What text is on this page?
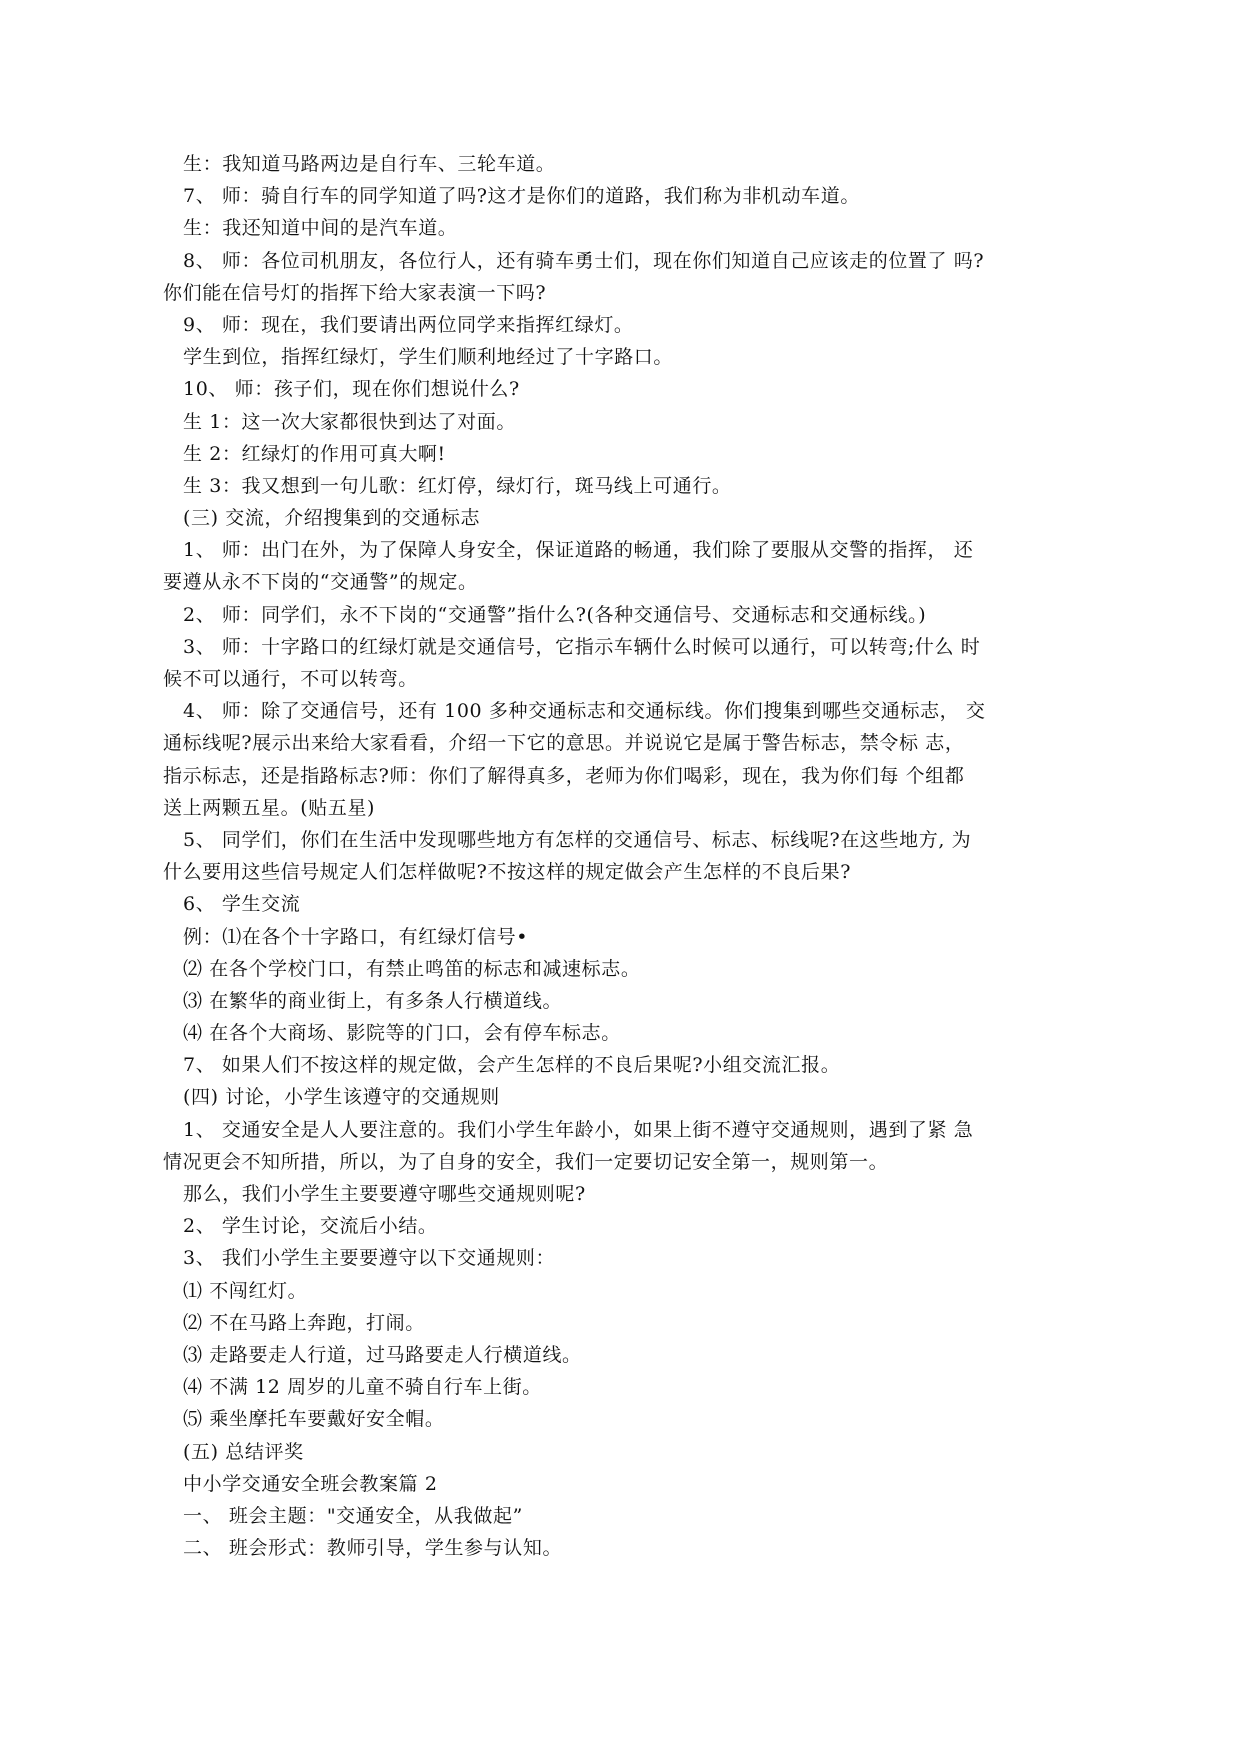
生：我知道马路两边是自行车、三轮车道。
7、 师：骑自行车的同学知道了吗?这才是你们的道路，我们称为非机动车道。
生：我还知道中间的是汽车道。
8、 师：各位司机朋友，各位行人，还有骑车勇士们，现在你们知道自己应该走的位置了 吗?
你们能在信号灯的指挥下给大家表演一下吗?
9、 师：现在，我们要请出两位同学来指挥红绿灯。
学生到位，指挥红绿灯，学生们顺利地经过了十字路口。
10、 师：孩子们，现在你们想说什么?
生 1：这一次大家都很快到达了对面。
生 2：红绿灯的作用可真大啊!
生 3：我又想到一句儿歌：红灯停，绿灯行，斑马线上可通行。
(三) 交流，介绍搜集到的交通标志
1、 师：出门在外，为了保障人身安全，保证道路的畅通，我们除了要服从交警的指挥， 还
要遵从永不下岗的“交通警”的规定。
2、 师：同学们，永不下岗的“交通警”指什么?(各种交通信号、交通标志和交通标线。)
3、 师：十字路口的红绿灯就是交通信号，它指示车辆什么时候可以通行，可以转弯;什么 时
候不可以通行，不可以转弯。
4、 师：除了交通信号，还有 100 多种交通标志和交通标线。你们搜集到哪些交通标志， 交
通标线呢?展示出来给大家看看，介绍一下它的意思。并说说它是属于警告标志，禁令标 志，
指示标志，还是指路标志?师：你们了解得真多，老师为你们喝彩，现在，我为你们每 个组都
送上两颗五星。(贴五星)
5、 同学们，你们在生活中发现哪些地方有怎样的交通信号、标志、标线呢?在这些地方, 为
什么要用这些信号规定人们怎样做呢?不按这样的规定做会产生怎样的不良后果?
6、 学生交流
例：⑴在各个十字路口，有红绿灯信号•
⑵ 在各个学校门口，有禁止鸣笛的标志和减速标志。
⑶ 在繁华的商业街上，有多条人行横道线。
⑷ 在各个大商场、影院等的门口，会有停车标志。
7、 如果人们不按这样的规定做，会产生怎样的不良后果呢?小组交流汇报。
(四) 讨论，小学生该遵守的交通规则
1、 交通安全是人人要注意的。我们小学生年龄小，如果上街不遵守交通规则，遇到了紧 急
情况更会不知所措，所以，为了自身的安全，我们一定要切记安全第一，规则第一。
那么，我们小学生主要要遵守哪些交通规则呢?
2、 学生讨论，交流后小结。
3、 我们小学生主要要遵守以下交通规则：
⑴ 不闯红灯。
⑵ 不在马路上奔跑，打闹。
⑶ 走路要走人行道，过马路要走人行横道线。
⑷ 不满 12 周岁的儿童不骑自行车上街。
⑸ 乘坐摩托车要戴好安全帽。
(五) 总结评奖
中小学交通安全班会教案篇 2
一、 班会主题："交通安全，从我做起”
二、 班会形式：教师引导，学生参与认知。
